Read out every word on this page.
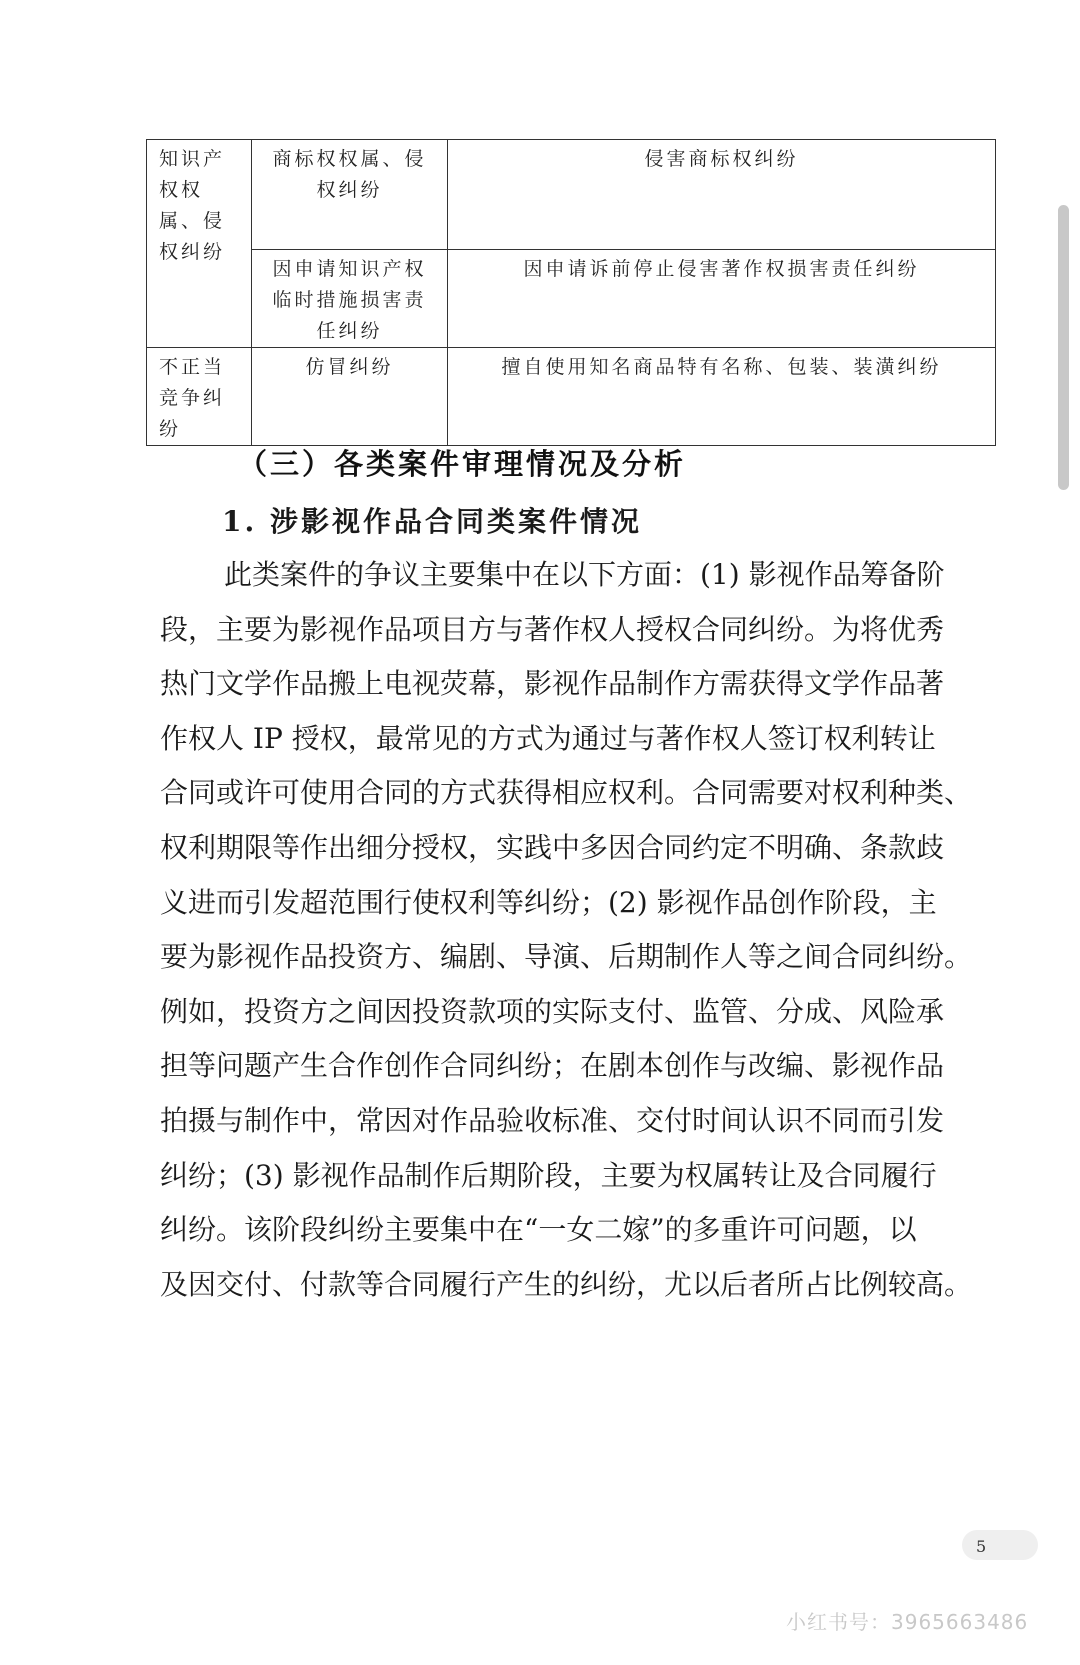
知识产权权属、侵权纠纷	商标权权属、侵权纠纷	侵害商标权纠纷
	因申请知识产权临时措施损害责任纠纷	因申请诉前停止侵害著作权损害责任纠纷
不正当竞争纠纷	仿冒纠纷	擅自使用知名商品特有名称、包装、装潢纠纷
（三）各类案件审理情况及分析
1. 涉影视作品合同类案件情况
此类案件的争议主要集中在以下方面：(1) 影视作品筹备阶
段，主要为影视作品项目方与著作权人授权合同纠纷。为将优秀
热门文学作品搬上电视荧幕，影视作品制作方需获得文学作品著
作权人 IP 授权，最常见的方式为通过与著作权人签订权利转让
合同或许可使用合同的方式获得相应权利。合同需要对权利种类、
权利期限等作出细分授权，实践中多因合同约定不明确、条款歧
义进而引发超范围行使权利等纠纷；(2) 影视作品创作阶段，主
要为影视作品投资方、编剧、导演、后期制作人等之间合同纠纷。
例如，投资方之间因投资款项的实际支付、监管、分成、风险承
担等问题产生合作创作合同纠纷；在剧本创作与改编、影视作品
拍摄与制作中，常因对作品验收标准、交付时间认识不同而引发
纠纷；(3) 影视作品制作后期阶段，主要为权属转让及合同履行
纠纷。该阶段纠纷主要集中在“一女二嫁”的多重许可问题，以
及因交付、付款等合同履行产生的纠纷，尤以后者所占比例较高。
5
小红书号：3965663486
